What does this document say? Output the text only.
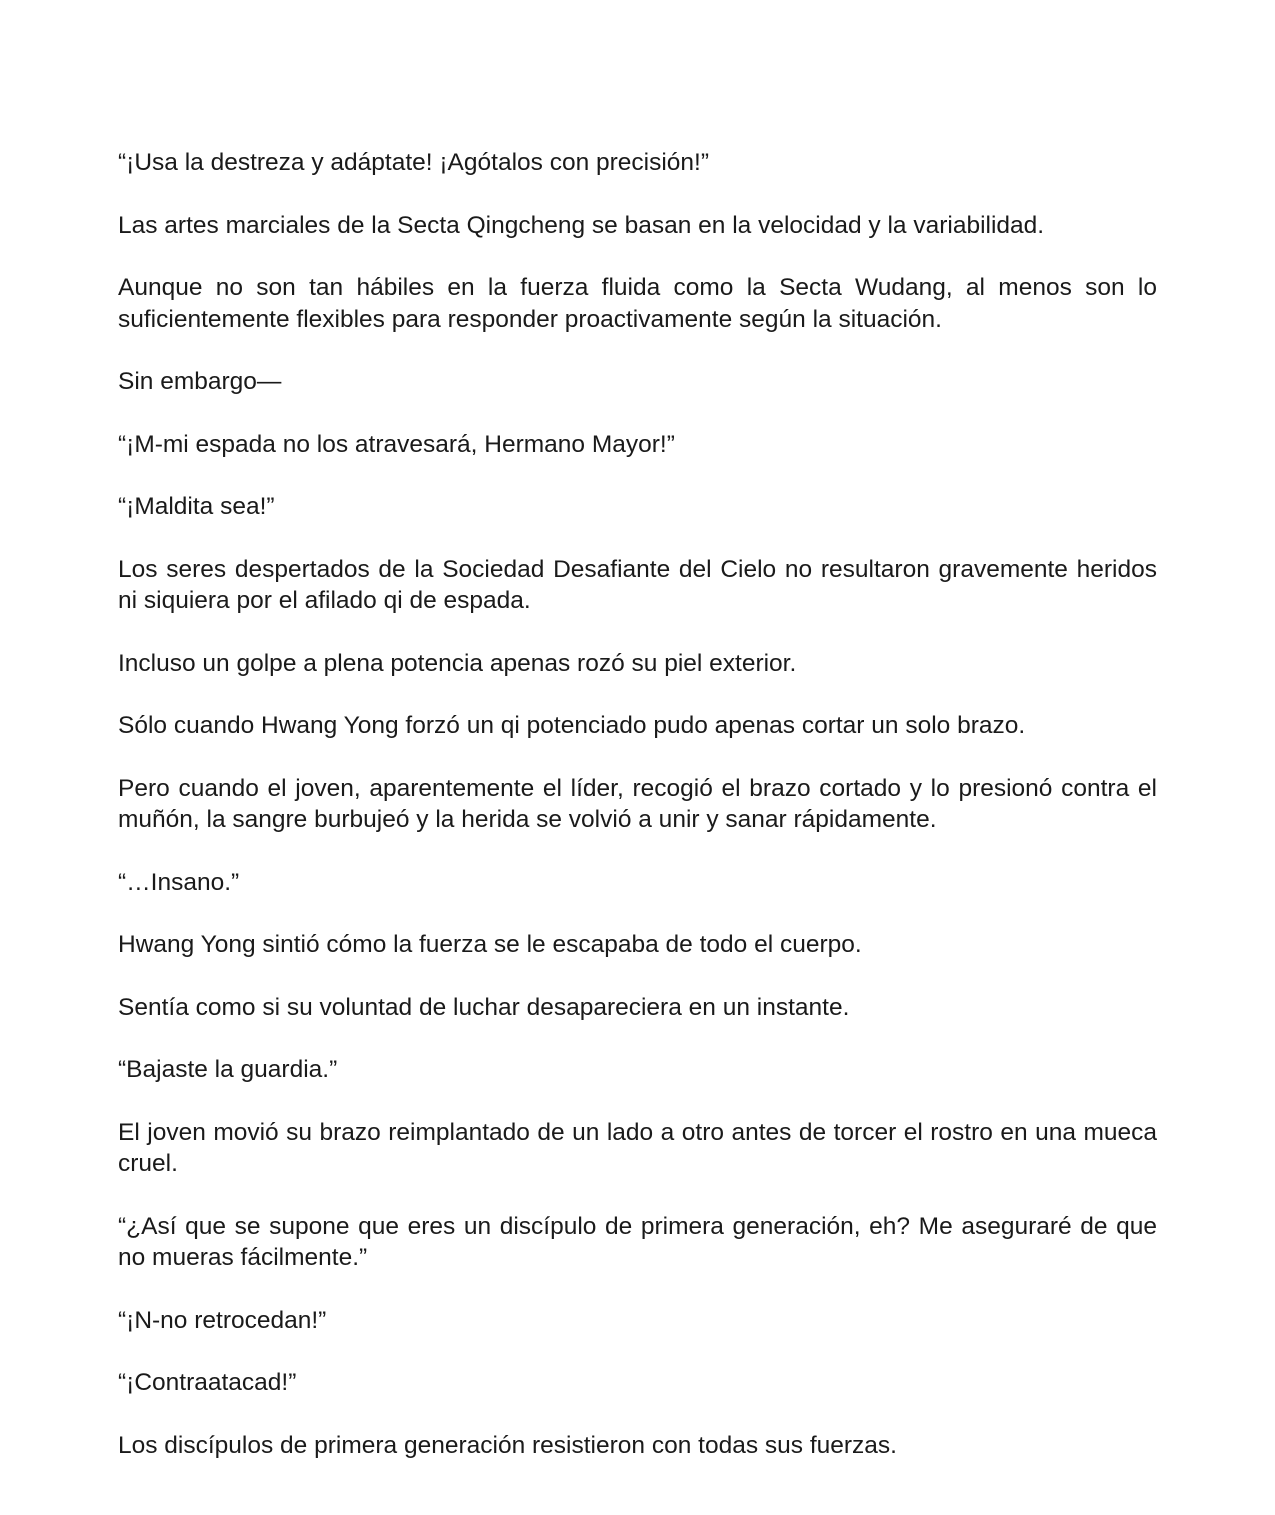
“¡Usa la destreza y adáptate! ¡Agótalos con precisión!”

Las artes marciales de la Secta Qingcheng se basan en la velocidad y la variabilidad.

Aunque no son tan hábiles en la fuerza fluida como la Secta Wudang, al menos son lo suficientemente flexibles para responder proactivamente según la situación.

Sin embargo—

“¡M-mi espada no los atravesará, Hermano Mayor!”

“¡Maldita sea!”

Los seres despertados de la Sociedad Desafiante del Cielo no resultaron gravemente heridos ni siquiera por el afilado qi de espada.

Incluso un golpe a plena potencia apenas rozó su piel exterior.

Sólo cuando Hwang Yong forzó un qi potenciado pudo apenas cortar un solo brazo.

Pero cuando el joven, aparentemente el líder, recogió el brazo cortado y lo presionó contra el muñón, la sangre burbujeó y la herida se volvió a unir y sanar rápidamente.

“…Insano.”

Hwang Yong sintió cómo la fuerza se le escapaba de todo el cuerpo.

Sentía como si su voluntad de luchar desapareciera en un instante.

“Bajaste la guardia.”

El joven movió su brazo reimplantado de un lado a otro antes de torcer el rostro en una mueca cruel.

“¿Así que se supone que eres un discípulo de primera generación, eh? Me aseguraré de que no mueras fácilmente.”

“¡N-no retrocedan!”

“¡Contraatacad!”

Los discípulos de primera generación resistieron con todas sus fuerzas.
